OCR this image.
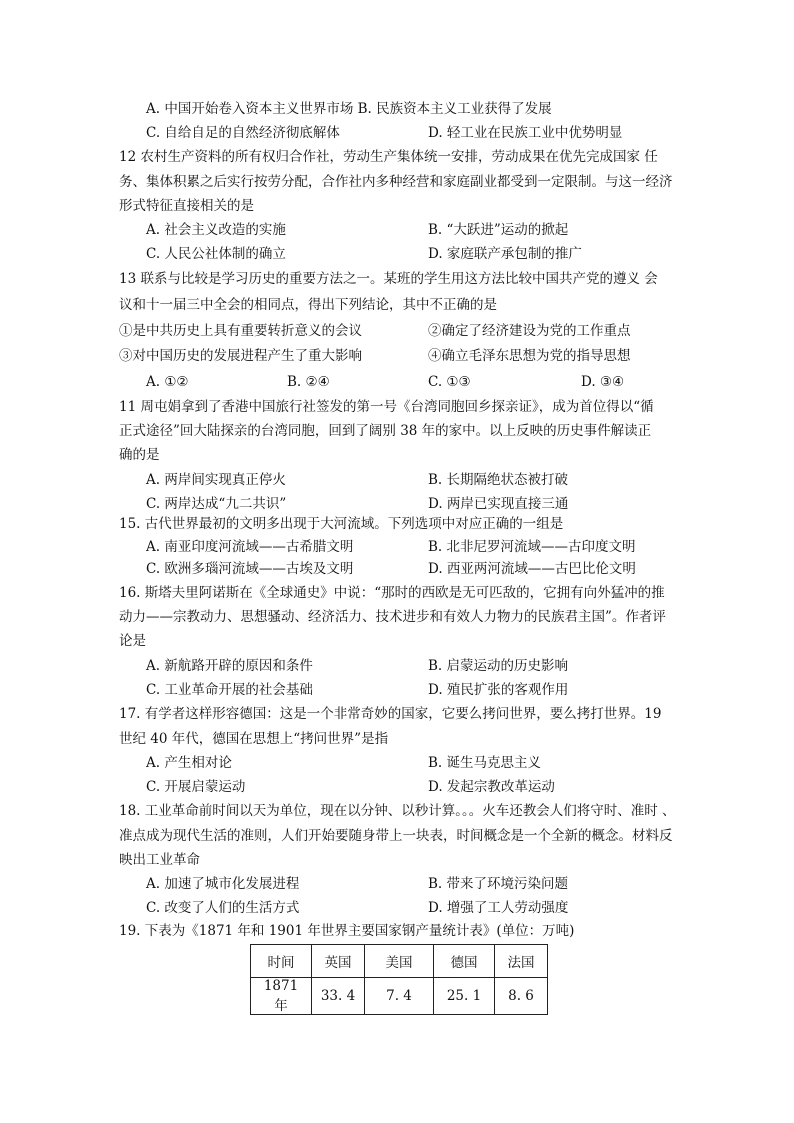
A. 中国开始卷入资本主义世界市场 B. 民族资本主义工业获得了发展
C. 自给自足的自然经济彻底解体	D. 轻工业在民族工业中优势明显
12 农村生产资料的所有权归合作社，劳动生产集体统一安排，劳动成果在优先完成国家 任
务、集体积累之后实行按劳分配，合作社内多种经营和家庭副业都受到一定限制。与这一经济
形式特征直接相关的是
A. 社会主义改造的实施	B. “大跃进”运动的掀起
C. 人民公社体制的确立	D. 家庭联产承包制的推广
13 联系与比较是学习历史的重要方法之一。某班的学生用这方法比较中国共产党的遵义 会
议和十一届三中全会的相同点，得出下列结论，其中不正确的是
①是中共历史上具有重要转折意义的会议	②确定了经济建设为党的工作重点
③对中国历史的发展进程产生了重大影响	④确立毛泽东思想为党的指导思想
A. ①②	B. ②④	C. ①③	D. ③④
11 周屯娟拿到了香港中国旅行社签发的第一号《台湾同胞回乡探亲证》，成为首位得以“循
正式途径”回大陆探亲的台湾同胞，回到了阔别 38 年的家中。以上反映的历史事件解读正
确的是
A. 两岸间实现真正停火	B. 长期隔绝状态被打破
C. 两岸达成“九二共识”	D. 两岸已实现直接三通
15. 古代世界最初的文明多出现于大河流域。下列选项中对应正确的一组是
A. 南亚印度河流域——古希腊文明	B. 北非尼罗河流域——古印度文明
C. 欧洲多瑙河流域——古埃及文明	D. 西亚两河流域——古巴比伦文明
16. 斯塔夫里阿诺斯在《全球通史》中说：“那时的西欧是无可匹敌的，它拥有向外猛冲的推
动力——宗教动力、思想骚动、经济活力、技术进步和有效人力物力的民族君主国”。作者评
论是
A. 新航路开辟的原因和条件	B. 启蒙运动的历史影响
C. 工业革命开展的社会基础	D. 殖民扩张的客观作用
17. 有学者这样形容德国：这是一个非常奇妙的国家，它要么拷问世界，要么拷打世界。19
世纪 40 年代，德国在思想上“拷问世界”是指
A. 产生相对论	B. 诞生马克思主义
C. 开展启蒙运动	D. 发起宗教改革运动
18. 工业革命前时间以天为单位，现在以分钟、以秒计算。。。火车还教会人们将守时、准时 、
准点成为现代生活的准则，人们开始要随身带上一块表，时间概念是一个全新的概念。材料反
映出工业革命
A. 加速了城市化发展进程	B. 带来了环境污染问题
C. 改变了人们的生活方式	D. 增强了工人劳动强度
19. 下表为《1871 年和 1901 年世界主要国家钢产量统计表》(单位：万吨)
时间	英国	美国	德国	法国
1871 年	33. 4	7. 4	25. 1	8. 6
